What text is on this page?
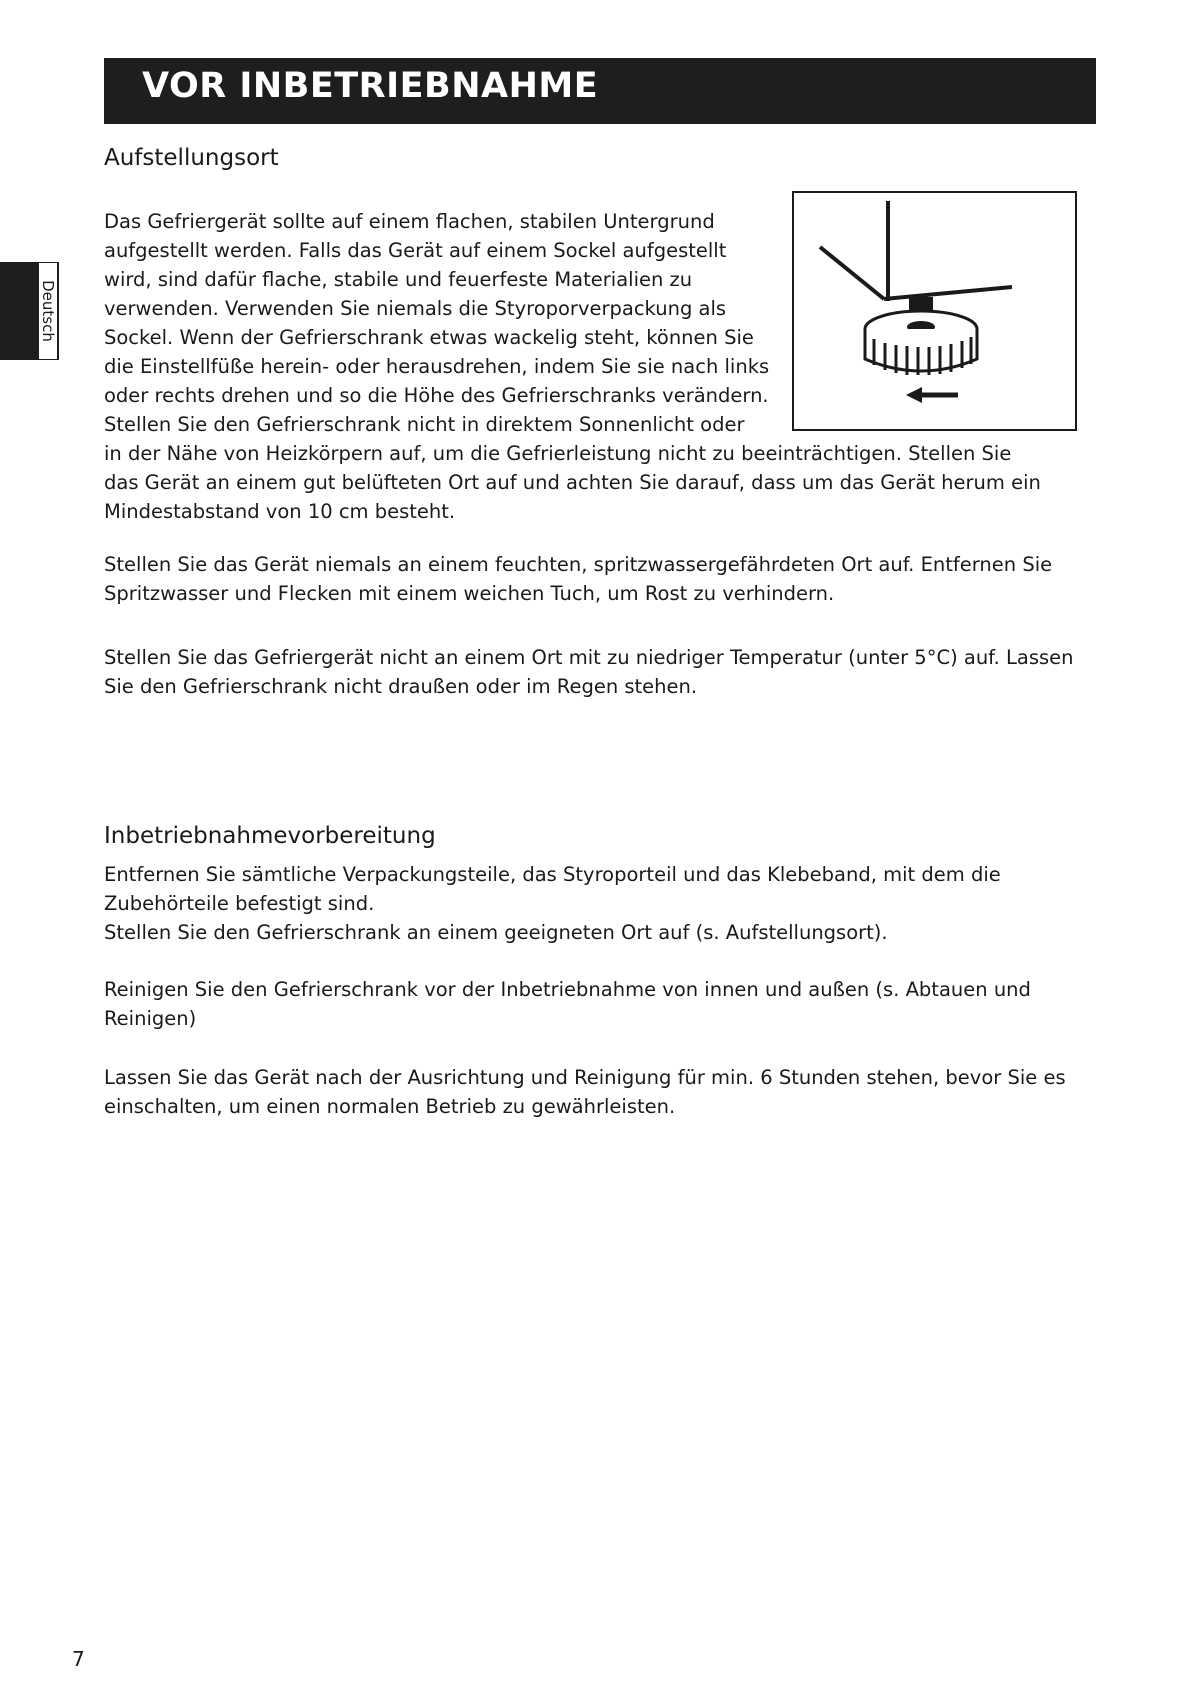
VOR INBETRIEBNAHME
Deutsch
Aufstellungsort
Das Gefriergerät sollte auf einem flachen, stabilen Untergrund
aufgestellt werden. Falls das Gerät auf einem Sockel aufgestellt
wird, sind dafür flache, stabile und feuerfeste Materialien zu
verwenden. Verwenden Sie niemals die Styroporverpackung als
Sockel. Wenn der Gefrierschrank etwas wackelig steht, können Sie
die Einstellfüße herein- oder herausdrehen, indem Sie sie nach links
oder rechts drehen und so die Höhe des Gefrierschranks verändern.
Stellen Sie den Gefrierschrank nicht in direktem Sonnenlicht oder
in der Nähe von Heizkörpern auf, um die Gefrierleistung nicht zu beeinträchtigen. Stellen Sie
das Gerät an einem gut belüfteten Ort auf und achten Sie darauf, dass um das Gerät herum ein
Mindestabstand von 10 cm besteht.
Stellen Sie das Gerät niemals an einem feuchten, spritzwassergefährdeten Ort auf. Entfernen Sie
Spritzwasser und Flecken mit einem weichen Tuch, um Rost zu verhindern.
Stellen Sie das Gefriergerät nicht an einem Ort mit zu niedriger Temperatur (unter 5°C) auf. Lassen
Sie den Gefrierschrank nicht draußen oder im Regen stehen.
Inbetriebnahmevorbereitung
Entfernen Sie sämtliche Verpackungsteile, das Styroporteil und das Klebeband, mit dem die
Zubehörteile befestigt sind.
Stellen Sie den Gefrierschrank an einem geeigneten Ort auf (s. Aufstellungsort).
Reinigen Sie den Gefrierschrank vor der Inbetriebnahme von innen und außen (s. Abtauen und
Reinigen)
Lassen Sie das Gerät nach der Ausrichtung und Reinigung für min. 6 Stunden stehen, bevor Sie es
einschalten, um einen normalen Betrieb zu gewährleisten.
7
